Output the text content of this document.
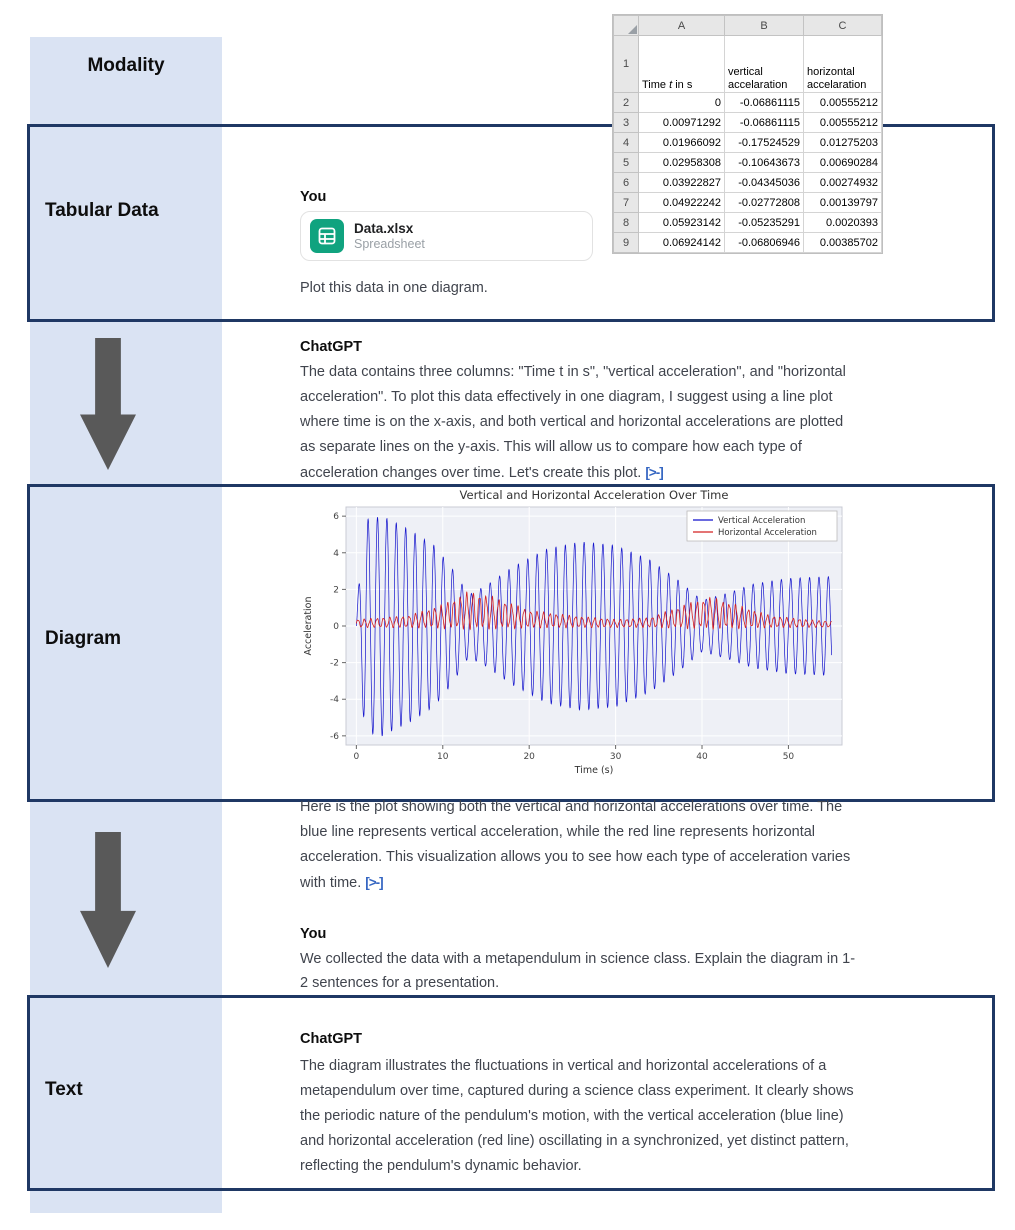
Modality
Tabular Data
Diagram
Text
	A	B	C
1	Time t in s	vertical accelaration	horizontal accelaration
2	0	-0.06861115	0.00555212
3	0.00971292	-0.06861115	0.00555212
4	0.01966092	-0.17524529	0.01275203
5	0.02958308	-0.10643673	0.00690284
6	0.03922827	-0.04345036	0.00274932
7	0.04922242	-0.02772808	0.00139797
8	0.05923142	-0.05235291	0.0020393
9	0.06924142	-0.06806946	0.00385702
You
Data.xlsx
Spreadsheet
Plot this data in one diagram.
ChatGPT
The data contains three columns: "Time t in s", "vertical acceleration", and "horizontal acceleration". To plot this data effectively in one diagram, I suggest using a line plot where time is on the x-axis, and both vertical and horizontal accelerations are plotted as separate lines on the y-axis. This will allow us to compare how each type of acceleration changes over time. Let's create this plot. [>-]
-6
-4
-2
0
2
4
6
0	10	20	30	40	50
Vertical and Horizontal Acceleration Over Time
Time (s)
Acceleration
Vertical Acceleration
Horizontal Acceleration
Here is the plot showing both the vertical and horizontal accelerations over time. The blue line represents vertical acceleration, while the red line represents horizontal acceleration. This visualization allows you to see how each type of acceleration varies with time. [>-]
You
We collected the data with a metapendulum in science class. Explain the diagram in 1-2 sentences for a presentation.
ChatGPT
The diagram illustrates the fluctuations in vertical and horizontal accelerations of a metapendulum over time, captured during a science class experiment. It clearly shows the periodic nature of the pendulum's motion, with the vertical acceleration (blue line) and horizontal acceleration (red line) oscillating in a synchronized, yet distinct pattern, reflecting the pendulum's dynamic behavior.
